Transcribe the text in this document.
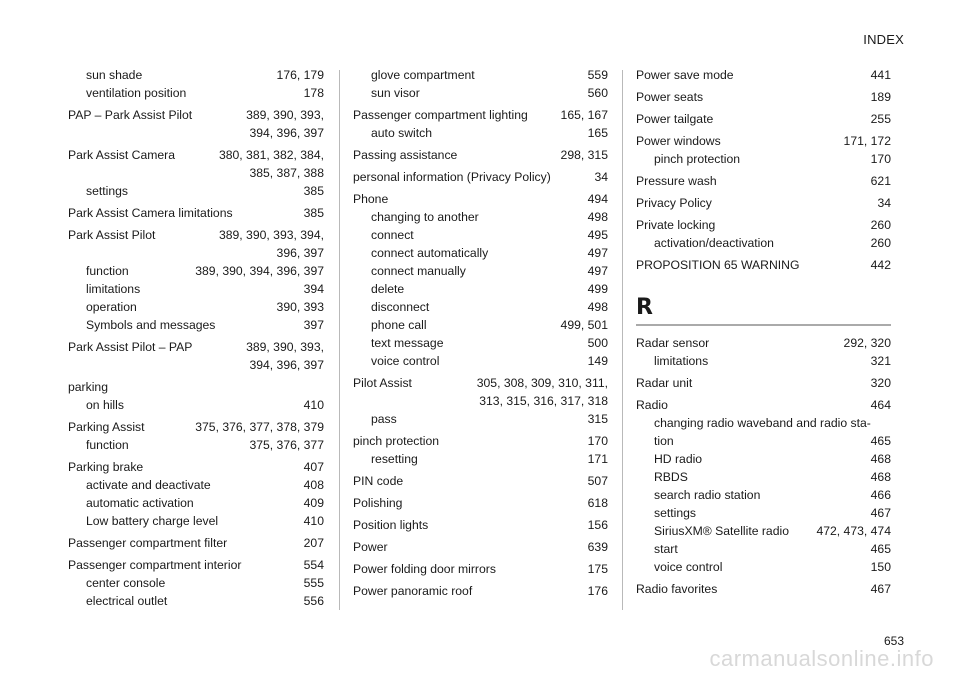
INDEX
sun shade	176, 179
ventilation position	178
PAP – Park Assist Pilot	389, 390, 393,
394, 396, 397
Park Assist Camera	380, 381, 382, 384,
385, 387, 388
settings	385
Park Assist Camera limitations	385
Park Assist Pilot	389, 390, 393, 394,
396, 397
function	389, 390, 394, 396, 397
limitations	394
operation	390, 393
Symbols and messages	397
Park Assist Pilot – PAP	389, 390, 393,
394, 396, 397
parking
on hills	410
Parking Assist	375, 376, 377, 378, 379
function	375, 376, 377
Parking brake	407
activate and deactivate	408
automatic activation	409
Low battery charge level	410
Passenger compartment filter	207
Passenger compartment interior	554
center console	555
electrical outlet	556
glove compartment	559
sun visor	560
Passenger compartment lighting	165, 167
auto switch	165
Passing assistance	298, 315
personal information (Privacy Policy)	34
Phone	494
changing to another	498
connect	495
connect automatically	497
connect manually	497
delete	499
disconnect	498
phone call	499, 501
text message	500
voice control	149
Pilot Assist	305, 308, 309, 310, 311,
313, 315, 316, 317, 318
pass	315
pinch protection	170
resetting	171
PIN code	507
Polishing	618
Position lights	156
Power	639
Power folding door mirrors	175
Power panoramic roof	176
Power save mode	441
Power seats	189
Power tailgate	255
Power windows	171, 172
pinch protection	170
Pressure wash	621
Privacy Policy	34
Private locking	260
activation/deactivation	260
PROPOSITION 65 WARNING	442
R
Radar sensor	292, 320
limitations	321
Radar unit	320
Radio	464
changing radio waveband and radio sta-
tion	465
HD radio	468
RBDS	468
search radio station	466
settings	467
SiriusXM® Satellite radio	472, 473, 474
start	465
voice control	150
Radio favorites	467
653
carmanualsonline.info
